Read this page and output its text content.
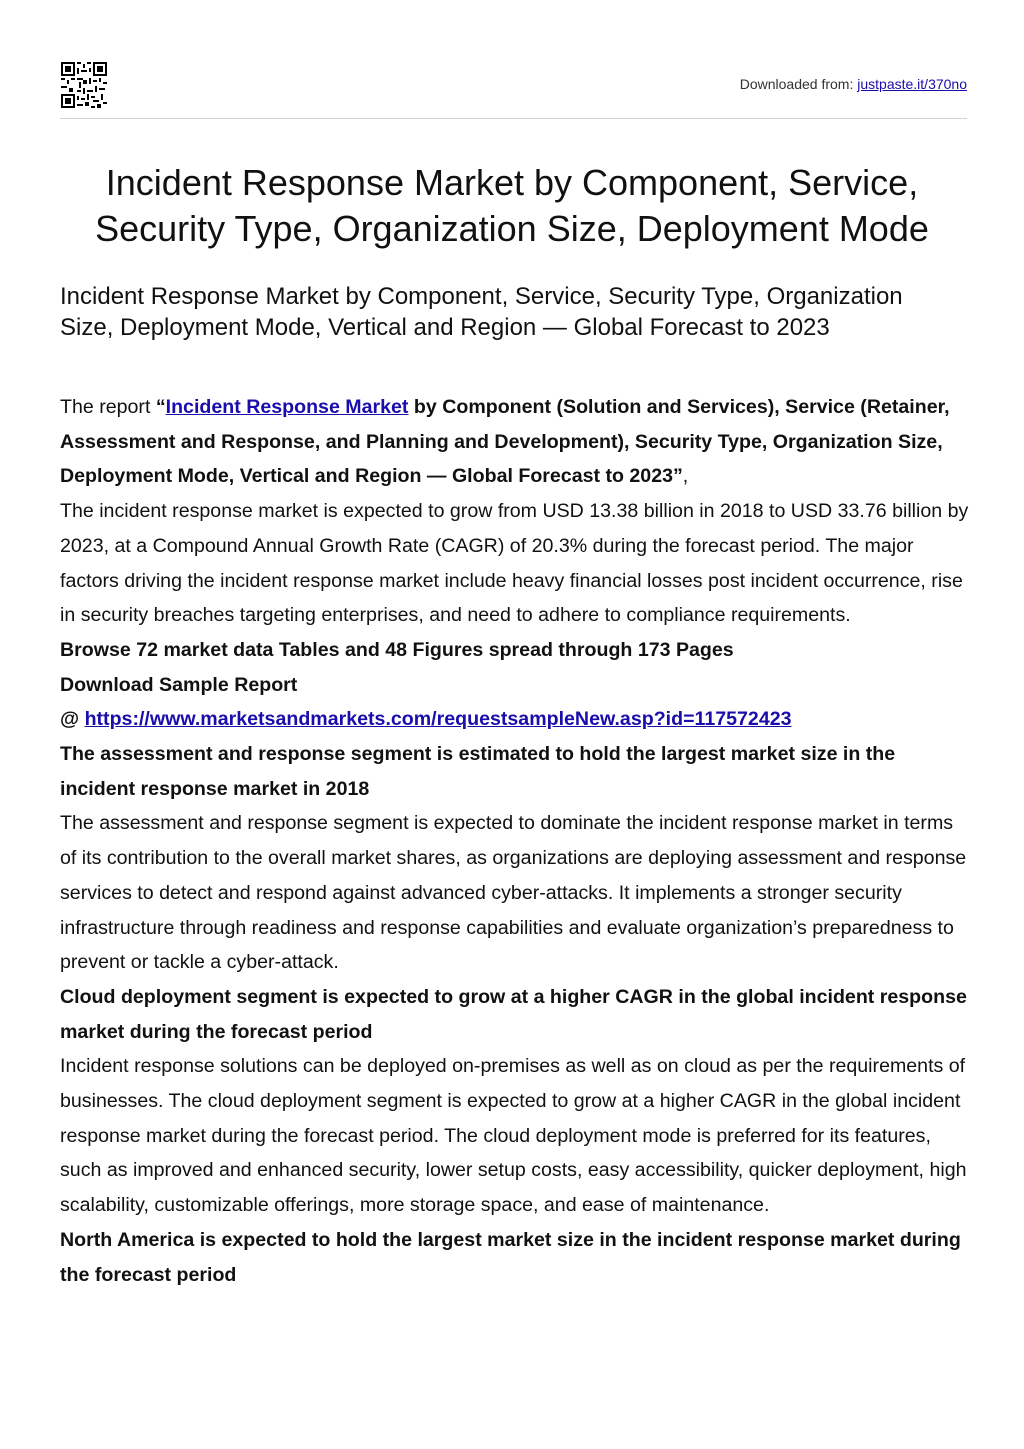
Downloaded from: justpaste.it/370no
Incident Response Market by Component, Service, Security Type, Organization Size, Deployment Mode
Incident Response Market by Component, Service, Security Type, Organization Size, Deployment Mode, Vertical and Region — Global Forecast to 2023

The report “Incident Response Market by Component (Solution and Services), Service (Retainer, Assessment and Response, and Planning and Development), Security Type, Organization Size, Deployment Mode, Vertical and Region — Global Forecast to 2023”,
The incident response market is expected to grow from USD 13.38 billion in 2018 to USD 33.76 billion by 2023, at a Compound Annual Growth Rate (CAGR) of 20.3% during the forecast period. The major factors driving the incident response market include heavy financial losses post incident occurrence, rise in security breaches targeting enterprises, and need to adhere to compliance requirements.

Browse 72 market data Tables and 48 Figures spread through 173 Pages

Download Sample Report

@ https://www.marketsandmarkets.com/requestsampleNew.asp?id=117572423

The assessment and response segment is estimated to hold the largest market size in the incident response market in 2018

The assessment and response segment is expected to dominate the incident response market in terms of its contribution to the overall market shares, as organizations are deploying assessment and response services to detect and respond against advanced cyber-attacks. It implements a stronger security infrastructure through readiness and response capabilities and evaluate organization’s preparedness to prevent or tackle a cyber-attack.

Cloud deployment segment is expected to grow at a higher CAGR in the global incident response market during the forecast period

Incident response solutions can be deployed on-premises as well as on cloud as per the requirements of businesses. The cloud deployment segment is expected to grow at a higher CAGR in the global incident response market during the forecast period. The cloud deployment mode is preferred for its features, such as improved and enhanced security, lower setup costs, easy accessibility, quicker deployment, high scalability, customizable offerings, more storage space, and ease of maintenance.

North America is expected to hold the largest market size in the incident response market during the forecast period
